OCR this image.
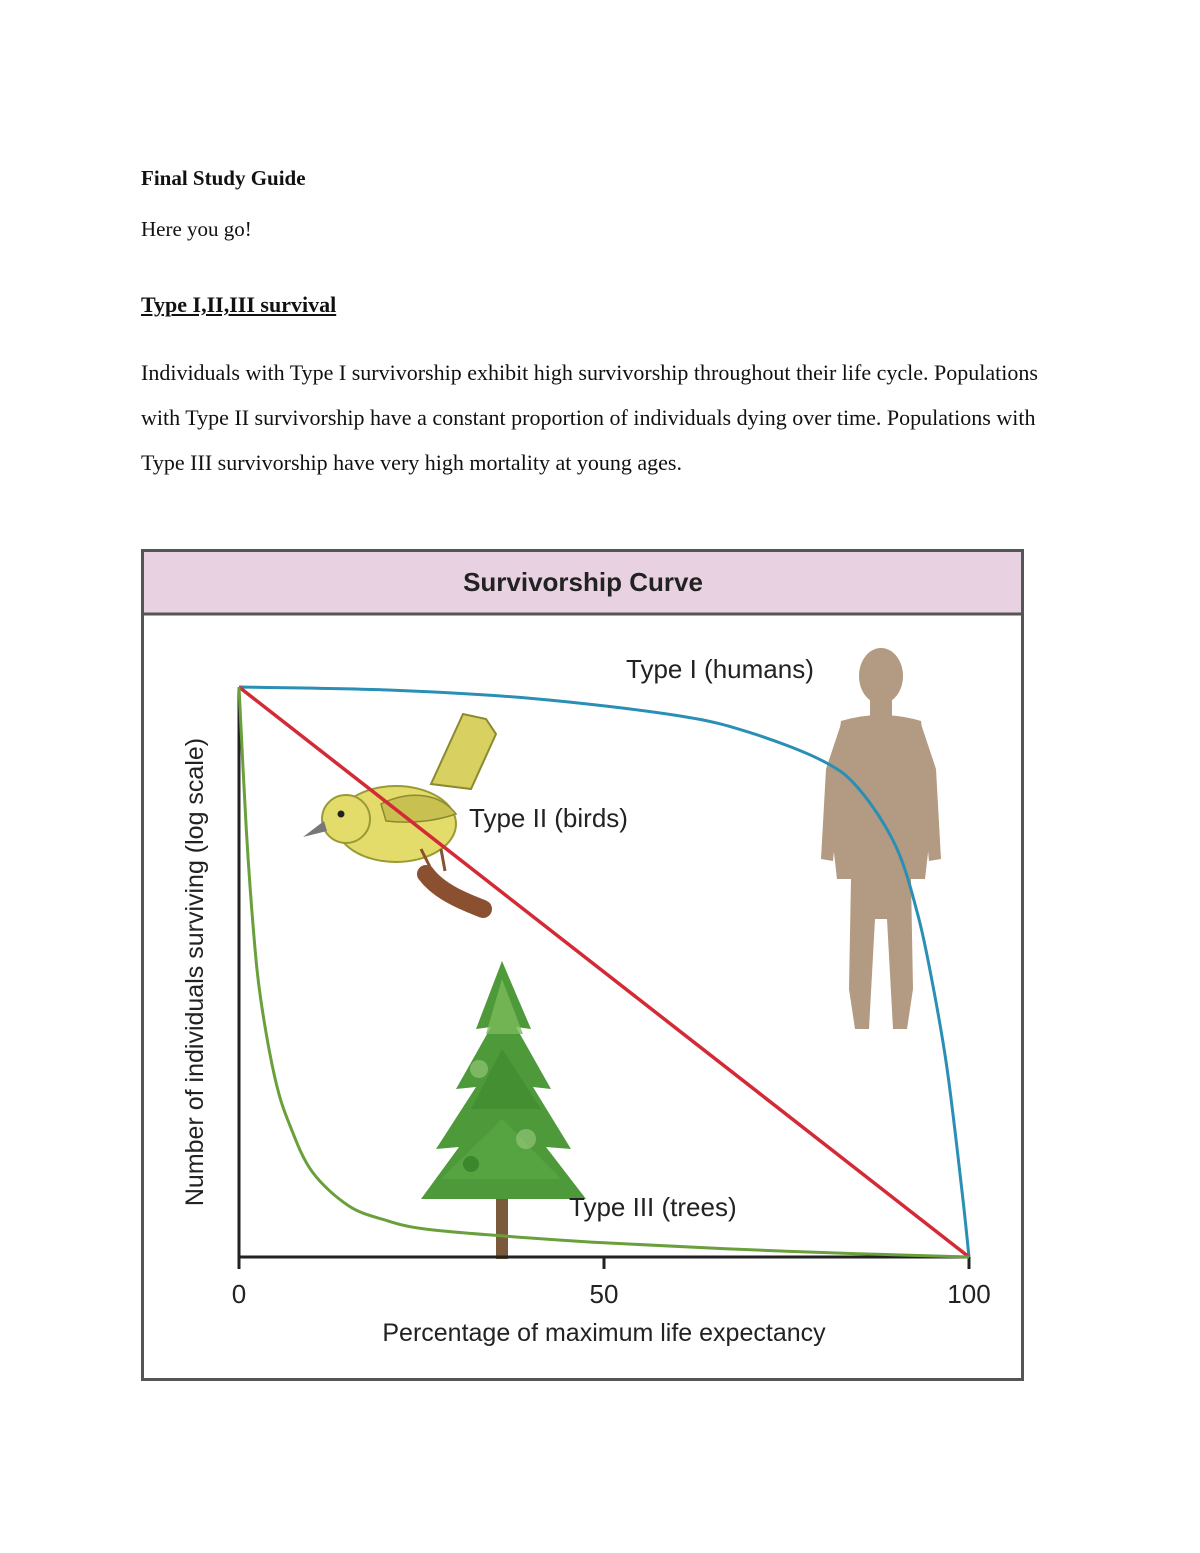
Final Study Guide

Here you go!

Type I,II,III survival

Individuals with Type I survivorship exhibit high survivorship throughout their life cycle. Populations with Type II survivorship have a constant proportion of individuals dying over time. Populations with Type III survivorship have very high mortality at young ages.

Survivorship Curve
0	50	100
Percentage of maximum life expectancy
Number of individuals surviving (log scale)
Type I (humans)
Type II (birds)
Type III (trees)
